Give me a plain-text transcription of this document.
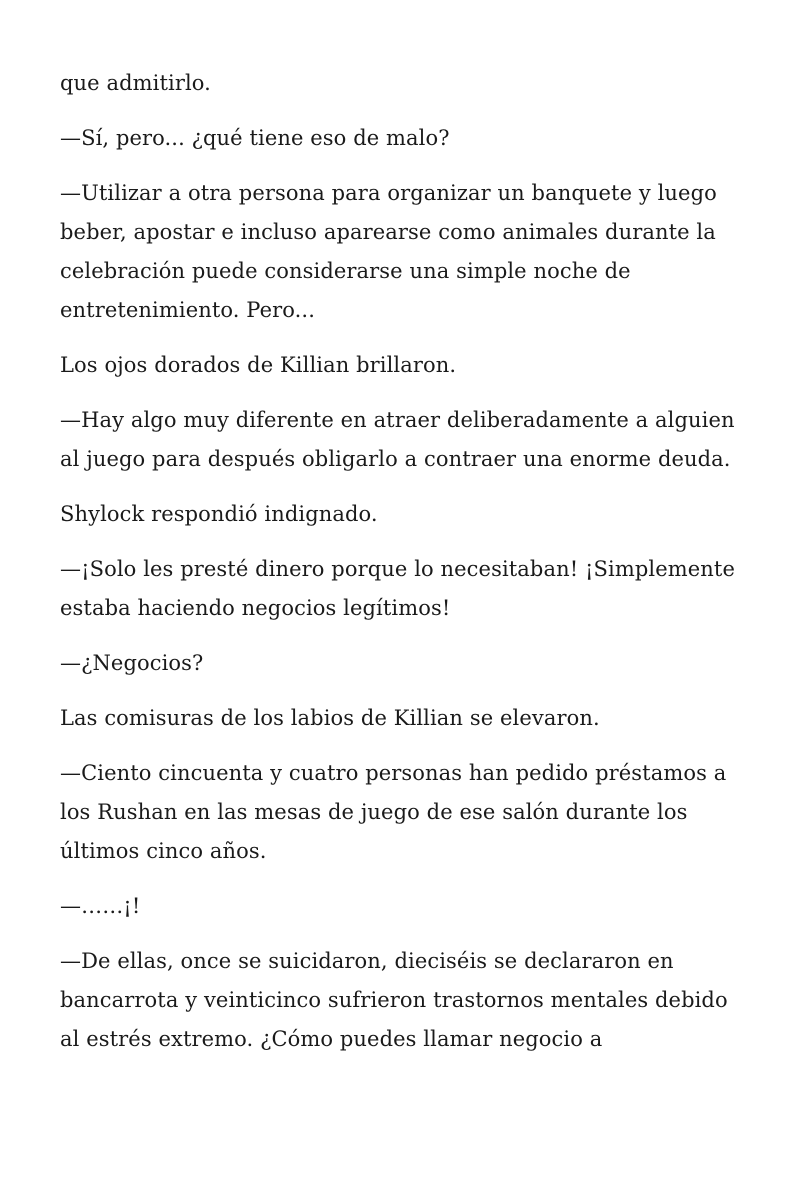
que admitirlo.

—Sí, pero... ¿qué tiene eso de malo?

—Utilizar a otra persona para organizar un banquete y luego beber, apostar e incluso aparearse como animales durante la celebración puede considerarse una simple noche de entretenimiento. Pero...

Los ojos dorados de Killian brillaron.

—Hay algo muy diferente en atraer deliberadamente a alguien al juego para después obligarlo a contraer una enorme deuda.

Shylock respondió indignado.

—¡Solo les presté dinero porque lo necesitaban! ¡Simplemente estaba haciendo negocios legítimos!

—¿Negocios?

Las comisuras de los labios de Killian se elevaron.

—Ciento cincuenta y cuatro personas han pedido préstamos a los Rushan en las mesas de juego de ese salón durante los últimos cinco años.

—……¡!

—De ellas, once se suicidaron, dieciséis se declararon en bancarrota y veinticinco sufrieron trastornos mentales debido al estrés extremo. ¿Cómo puedes llamar negocio a
